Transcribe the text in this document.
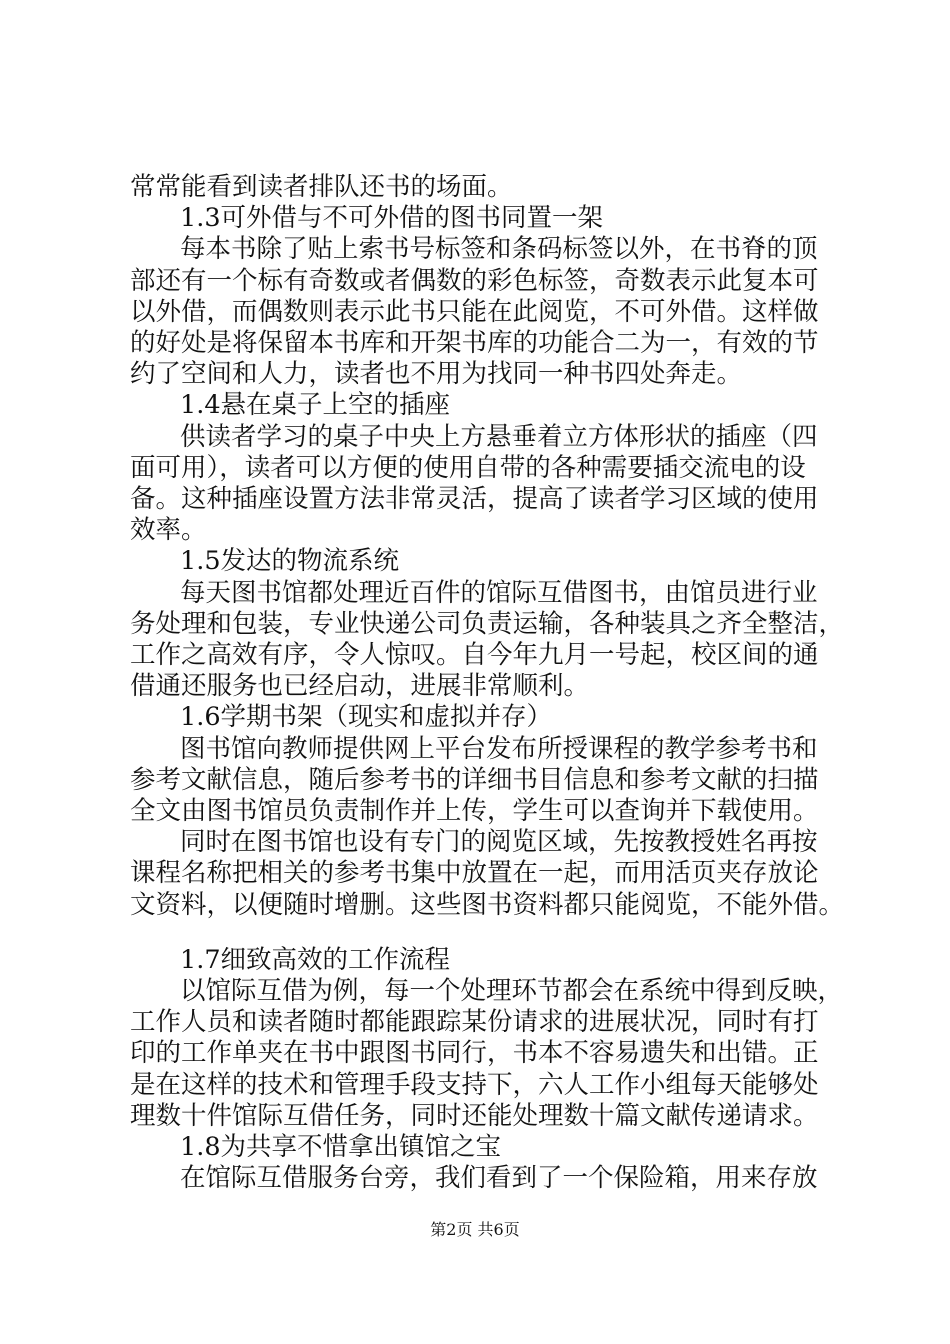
常常能看到读者排队还书的场面。
1.3可外借与不可外借的图书同置一架
每本书除了贴上索书号标签和条码标签以外，在书脊的顶
部还有一个标有奇数或者偶数的彩色标签，奇数表示此复本可
以外借，而偶数则表示此书只能在此阅览，不可外借。这样做
的好处是将保留本书库和开架书库的功能合二为一，有效的节
约了空间和人力，读者也不用为找同一种书四处奔走。
1.4悬在桌子上空的插座
供读者学习的桌子中央上方悬垂着立方体形状的插座（四
面可用），读者可以方便的使用自带的各种需要插交流电的设
备。这种插座设置方法非常灵活，提高了读者学习区域的使用
效率。
1.5发达的物流系统
每天图书馆都处理近百件的馆际互借图书，由馆员进行业
务处理和包装，专业快递公司负责运输，各种装具之齐全整洁，
工作之高效有序，令人惊叹。自今年九月一号起，校区间的通
借通还服务也已经启动，进展非常顺利。
1.6学期书架（现实和虚拟并存）
图书馆向教师提供网上平台发布所授课程的教学参考书和
参考文献信息，随后参考书的详细书目信息和参考文献的扫描
全文由图书馆员负责制作并上传，学生可以查询并下载使用。
同时在图书馆也设有专门的阅览区域，先按教授姓名再按
课程名称把相关的参考书集中放置在一起，而用活页夹存放论
文资料，以便随时增删。这些图书资料都只能阅览，不能外借。
1.7细致高效的工作流程
以馆际互借为例，每一个处理环节都会在系统中得到反映，
工作人员和读者随时都能跟踪某份请求的进展状况，同时有打
印的工作单夹在书中跟图书同行，书本不容易遗失和出错。正
是在这样的技术和管理手段支持下，六人工作小组每天能够处
理数十件馆际互借任务，同时还能处理数十篇文献传递请求。
1.8为共享不惜拿出镇馆之宝
在馆际互借服务台旁，我们看到了一个保险箱，用来存放
第2页 共6页
